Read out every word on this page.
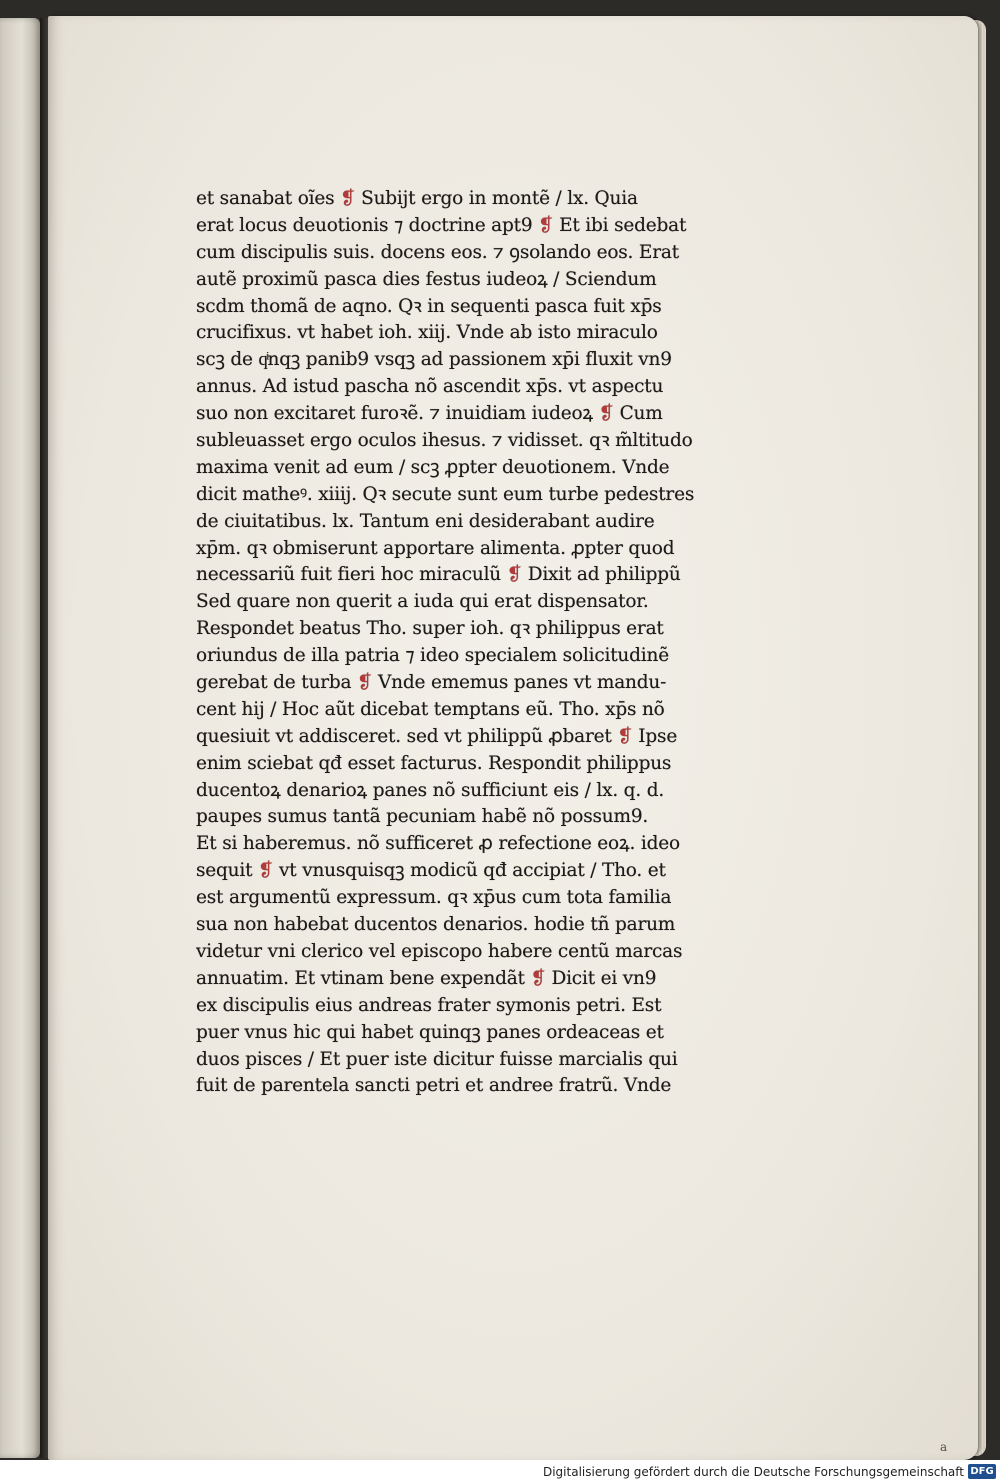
et sanabat oĩes ❡ Subijt ergo in montẽ / lx. Quia
erat locus deuotionis ⁊ doctrine apt9 ❡ Et ibi sedebat
cum discipulis suis. docens eos. ⁊ ꝯsolando eos. Erat
autẽ proximũ pasca dies festus iudeoꝝ / Sciendum
scdm thomã de aqno. Qꝛ in sequenti pasca fuit xp̄s
crucifixus. vt habet ioh. xiij. Vnde ab isto miraculo
scꝫ de qͥnqꝫ panib9 vsqꝫ ad passionem xp̄i fluxit vn9
annus. Ad istud pascha nõ ascendit xp̄s. vt aspectu
suo non excitaret furoꝛẽ. ⁊ inuidiam iudeoꝝ ❡ Cum
subleuasset ergo oculos ihesus. ⁊ vidisset. qꝛ m̃ltitudo
maxima venit ad eum / scꝫ ꝓpter deuotionem. Vnde
dicit matheꝰ. xiiij. Qꝛ secute sunt eum turbe pedestres
de ciuitatibus. lx. Tantum eni desiderabant audire
xp̄m. qꝛ obmiserunt apportare alimenta. ꝓpter quod
necessariũ fuit fieri hoc miraculũ ❡ Dixit ad philippũ
Sed quare non querit a iuda qui erat dispensator.
Respondet beatus Tho. super ioh. qꝛ philippus erat
oriundus de illa patria ⁊ ideo specialem solicitudinẽ
gerebat de turba ❡ Vnde ememus panes vt mandu-
cent hij / Hoc aũt dicebat temptans eũ. Tho. xp̄s nõ
quesiuit vt addisceret. sed vt philippũ ꝓbaret ❡ Ipse
enim sciebat qđ esset facturus. Respondit philippus
ducentoꝝ denarioꝝ panes nõ sufficiunt eis / lx. q. d.
paupes sumus tantã pecuniam habẽ nõ possum9.
Et si haberemus. nõ sufficeret ꝓ refectione eoꝝ. ideo
sequit ❡ vt vnusquisqꝫ modicũ qđ accipiat / Tho. et
est argumentũ expressum. qꝛ xp̄us cum tota familia
sua non habebat ducentos denarios. hodie tñ parum
videtur vni clerico vel episcopo habere centũ marcas
annuatim. Et vtinam bene expendãt ❡ Dicit ei vn9
ex discipulis eius andreas frater symonis petri. Est
puer vnus hic qui habet quinqꝫ panes ordeaceas et
duos pisces / Et puer iste dicitur fuisse marcialis qui
fuit de parentela sancti petri et andree fratrũ. Vnde
a
Digitalisierung gefördert durch die Deutsche Forschungsgemeinschaft DFG
